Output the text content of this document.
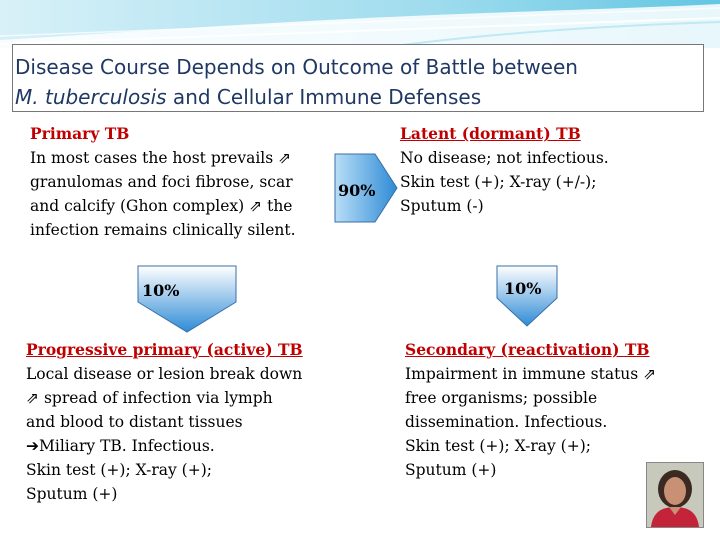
Disease Course Depends on Outcome of Battle between
M. tuberculosis and Cellular Immune Defenses
Primary TB
In most cases the host prevails ⇗
granulomas and foci fibrose, scar
and calcify (Ghon complex) ⇗ the
infection remains clinically silent.
Latent (dormant) TB
No disease; not infectious.
Skin test (+); X-ray (+/-);
Sputum (-)
90%
10%	10%
Progressive primary (active) TB
Local disease or lesion break down
⇗ spread of infection via lymph
and blood to distant tissues
➔Miliary TB. Infectious.
Skin test (+); X-ray (+);
Sputum (+)
Secondary (reactivation) TB
Impairment in immune status ⇗
free organisms; possible
dissemination. Infectious.
Skin test (+); X-ray (+);
Sputum (+)
